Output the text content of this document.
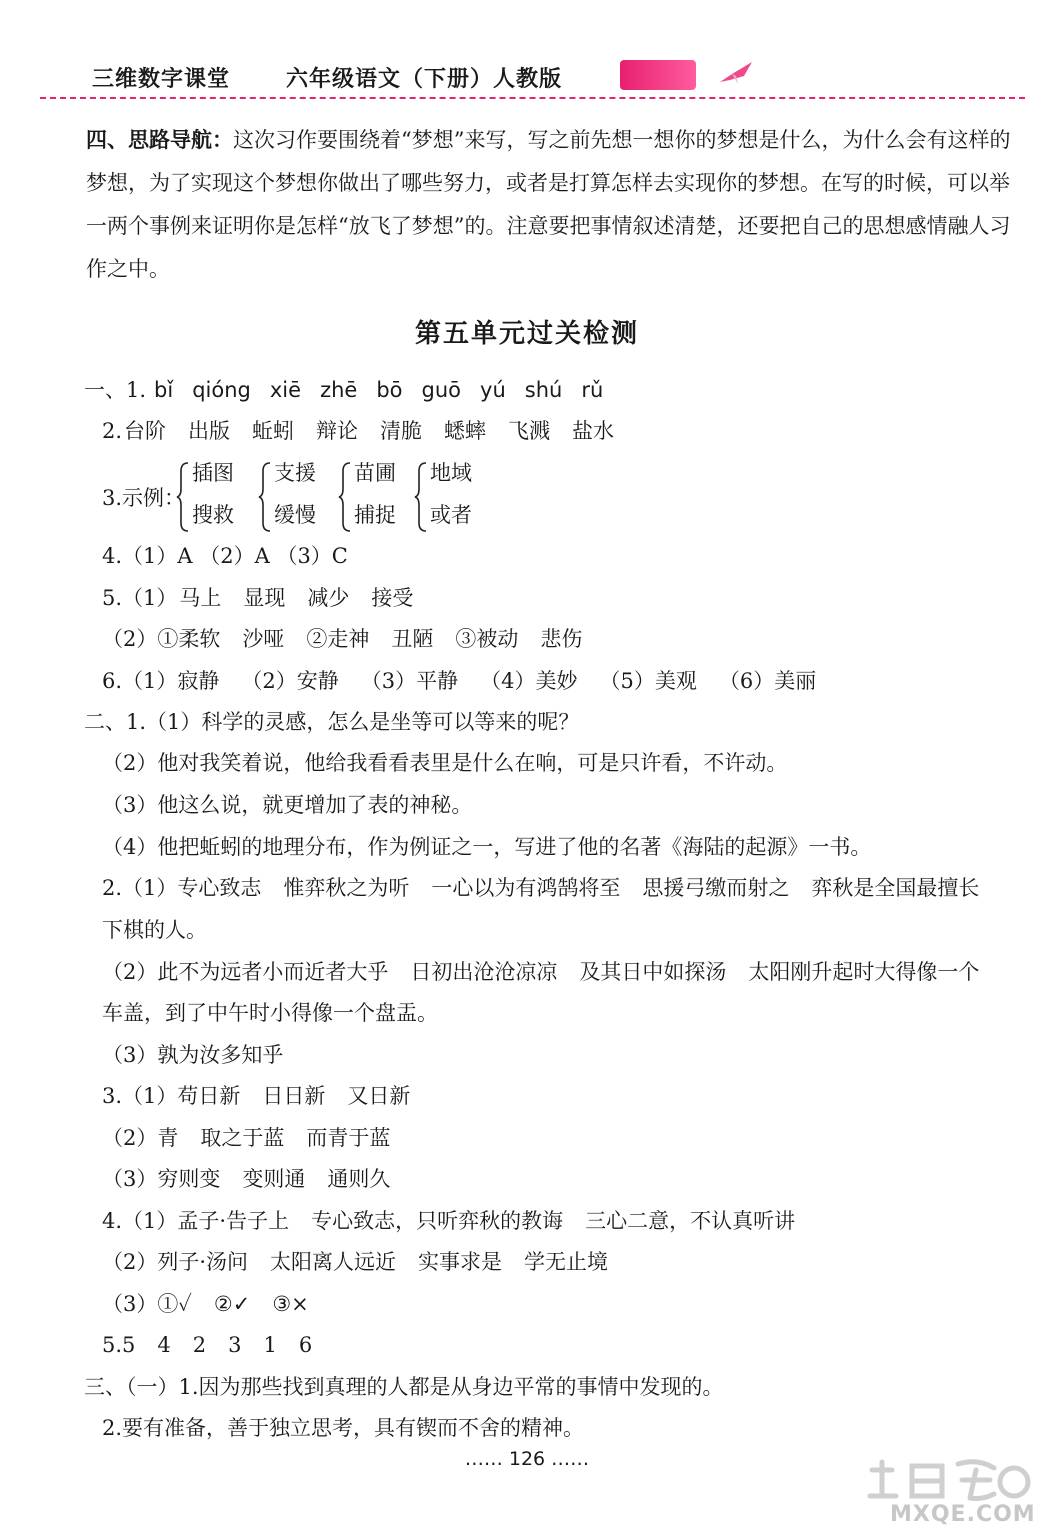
三维数字课堂	六年级语文（下册）人教版
四、思路导航：这次习作要围绕着“梦想”来写，写之前先想一想你的梦想是什么，为什么会有这样的梦想，为了实现这个梦想你做出了哪些努力，或者是打算怎样去实现你的梦想。在写的时候，可以举一两个事例来证明你是怎样“放飞了梦想”的。注意要把事情叙述清楚，还要把自己的思想感情融人习作之中。
第五单元过关检测
一、1. bǐ qióng xiē zhē bō guō yú shú rǔ
2.台阶 出版 蚯蚓 辩论 清脆 蟋蟀 飞溅 盐水
3.示例：
插图
搜救
支援
缓慢
苗圃
捕捉
地域
或者
4.（1）A （2）A （3）C
5.（1）马上 显现 减少 接受
（2）①柔软 沙哑 ②走神 丑陋 ③被动 悲伤
6.（1）寂静 （2）安静 （3）平静 （4）美妙 （5）美观 （6）美丽
二、1.（1）科学的灵感，怎么是坐等可以等来的呢？
（2）他对我笑着说，他给我看看表里是什么在响，可是只许看，不许动。
（3）他这么说，就更增加了表的神秘。
（4）他把蚯蚓的地理分布，作为例证之一，写进了他的名著《海陆的起源》一书。
2.（1）专心致志 惟弈秋之为听 一心以为有鸿鹄将至 思援弓缴而射之 弈秋是全国最擅长
下棋的人。
（2）此不为远者小而近者大乎 日初出沧沧凉凉 及其日中如探汤 太阳刚升起时大得像一个
车盖，到了中午时小得像一个盘盂。
（3）孰为汝多知乎
3.（1）苟日新 日日新 又日新
（2）青 取之于蓝 而青于蓝
（3）穷则变 变则通 通则久
4.（1）孟子·告子上 专心致志，只听弈秋的教诲 三心二意，不认真听讲
（2）列子·汤问 太阳离人远近 实事求是 学无止境
（3）①✓ ②✓ ③×
5.5 4 2 3 1 6
三、（一）1.因为那些找到真理的人都是从身边平常的事情中发现的。
2.要有准备，善于独立思考，具有锲而不舍的精神。
…… 126 ……
MXQE.COM
